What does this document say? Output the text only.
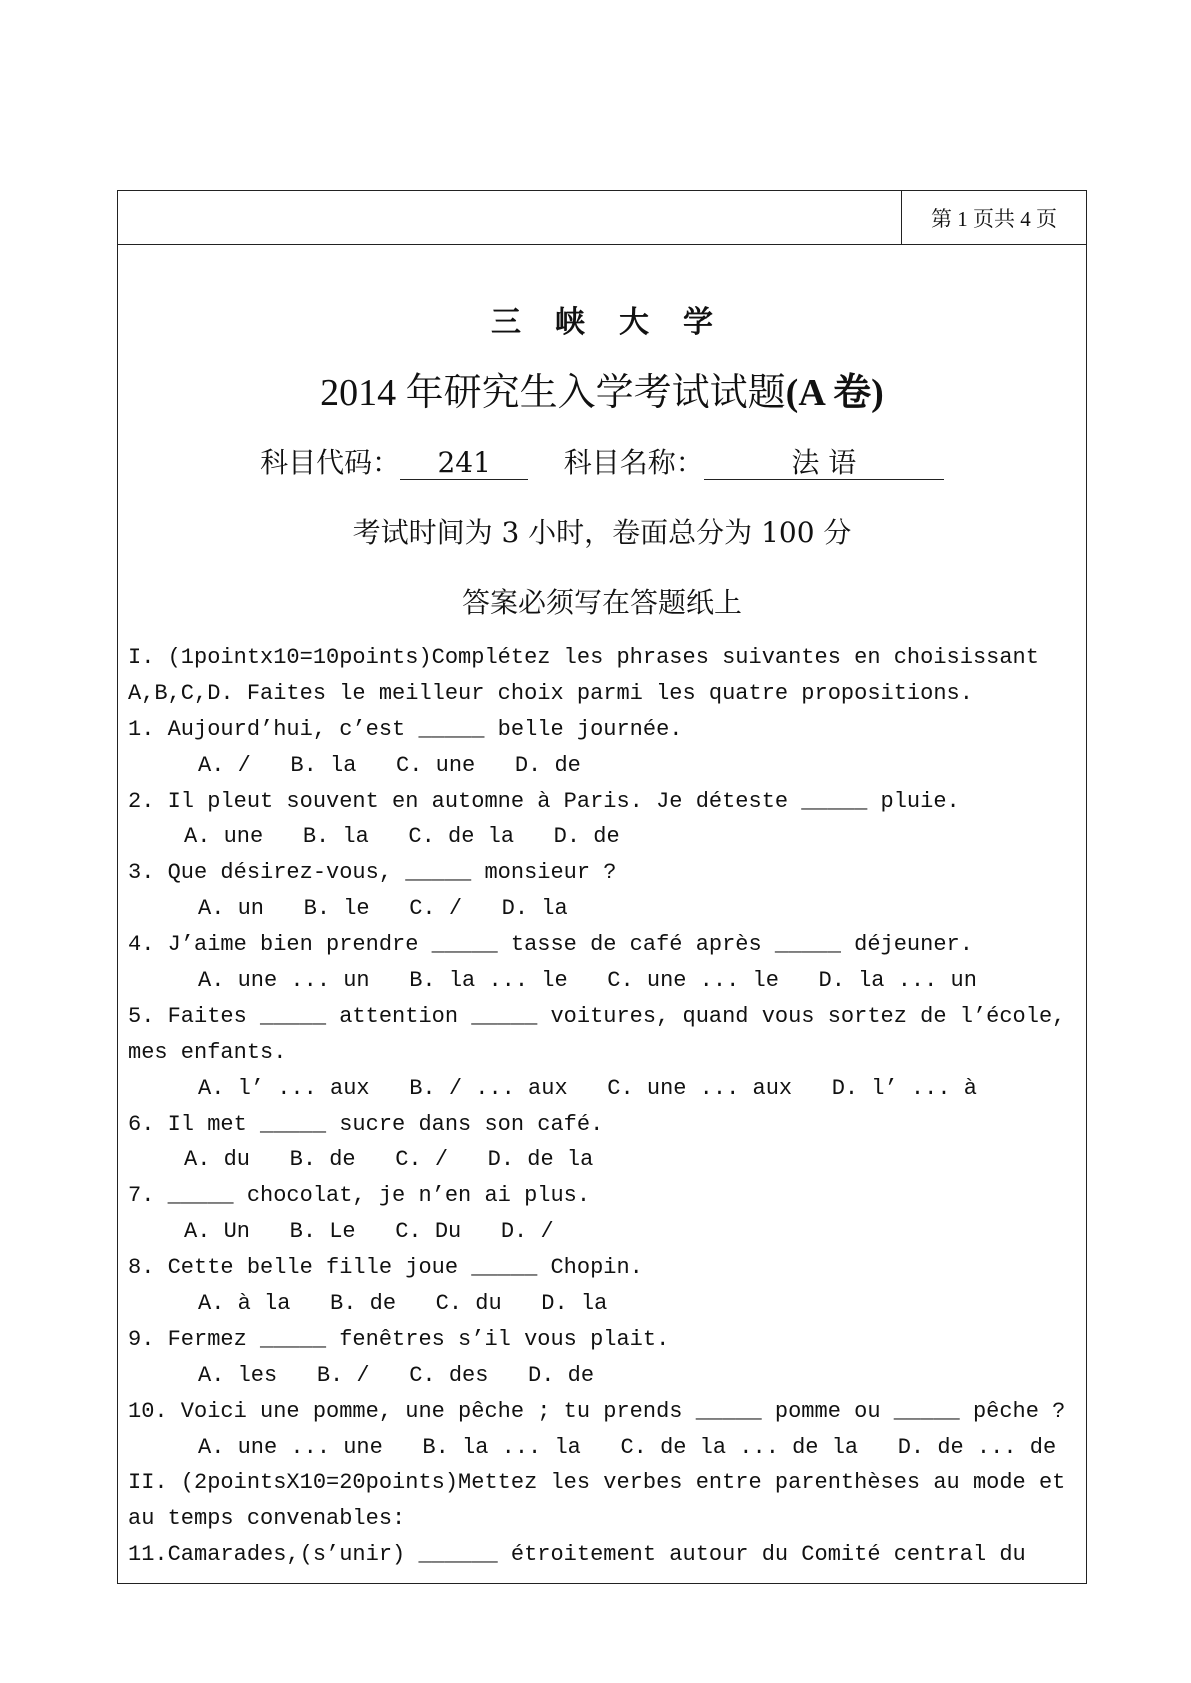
第 1 页共 4 页
三峡大学
2014 年研究生入学考试试题(A 卷)
科目代码： 241	科目名称：	法 语
考试时间为 3 小时，卷面总分为 100 分
答案必须写在答题纸上
I. (1pointx10=10points)Complétez les phrases suivantes en choisissant
A,B,C,D. Faites le meilleur choix parmi les quatre propositions.
1. Aujourd’hui, c’est _____ belle journée.
A. /   B. la   C. une   D. de
2. Il pleut souvent en automne à Paris. Je déteste _____ pluie.
A. une   B. la   C. de la   D. de
3. Que désirez-vous, _____ monsieur ?
A. un   B. le   C. /   D. la
4. J’aime bien prendre _____ tasse de café après _____ déjeuner.
A. une ... un   B. la ... le   C. une ... le   D. la ... un
5. Faites _____ attention _____ voitures, quand vous sortez de l’école,
mes enfants.
A. l’ ... aux   B. / ... aux   C. une ... aux   D. l’ ... à
6. Il met _____ sucre dans son café.
A. du   B. de   C. /   D. de la
7. _____ chocolat, je n’en ai plus.
A. Un   B. Le   C. Du   D. /
8. Cette belle fille joue _____ Chopin.
A. à la   B. de   C. du   D. la
9. Fermez _____ fenêtres s’il vous plait.
A. les   B. /   C. des   D. de
10. Voici une pomme, une pêche ; tu prends _____ pomme ou _____ pêche ?
A. une ... une   B. la ... la   C. de la ... de la   D. de ... de
II. (2pointsX10=20points)Mettez les verbes entre parenthèses au mode et
au temps convenables:
11.Camarades,(s’unir) ______ étroitement autour du Comité central du
